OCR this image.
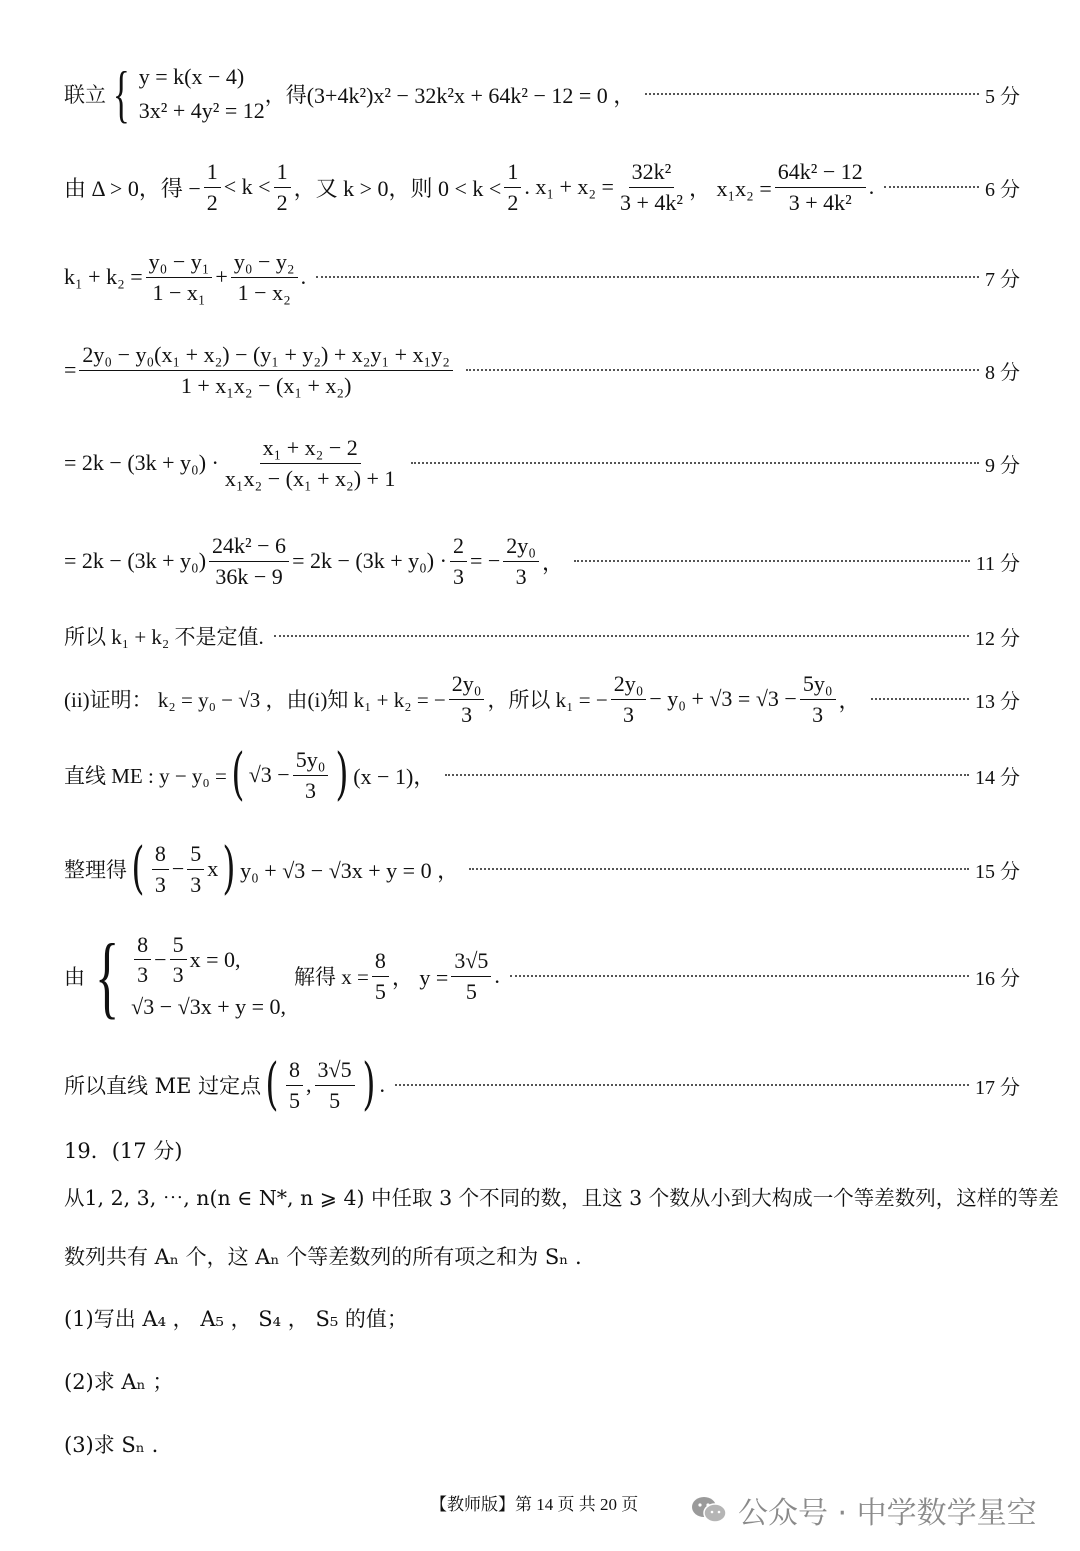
联立 { y = k(x − 4)
3x² + 4y² = 12
，得 (3+4k²)x² − 32k²x + 64k² − 12 = 0 ，	5 分
由 Δ > 0，得 − $\frac{1}{2} < k < \frac{1}{2}$ ，又 k > 0，则 $0 < k < \frac{1}{2}$ . $x_1 + x_2 = \frac{\text{32k²}}{\text{3 + 4k²}}$ ， $x_1x_2 = \frac{\text{64k² − 12}}{\text{3 + 4k²}}$ .	6 分
$k_1 + k_2 = \frac{\text{y₀ − y₁}}{\text{1 − x₁}} + \frac{\text{y₀ − y₂}}{\text{1 − x₂}}$ .	7 分
= $\frac{\text{2y₀ − y₀(x₁ + x₂) − (y₁ + y₂) + x₂y₁ + x₁y₂}}{\text{1 + x₁x₂ − (x₁ + x₂)}}$	8 分
= $2k - (3k + y_0) \cdot \frac{\text{x₁ + x₂ − 2}}{\text{x₁x₂ − (x₁ + x₂) + 1}}$	9 分
= $2k - (3k + y_0) \frac{\text{24k² − 6}}{36k - 9} = 2k - (3k + y_0) \cdot \frac{2}{3}$ = − $\frac{\text{2y₀}}{3}$ ，	11 分
所以 k₁ + k₂ 不是定值.	12 分
(ii)证明： k₂ = y₀ − √3 ，由(i)知 k₁ + k₂ = − $\frac{\text{2y₀}}{3}$ ，所以 k₁ = − $\frac{\text{2y₀}}{3} - y_0 + √3 = √3 - \frac{\text{5y₀}}{3}$ ，	13 分
直线 ME : y − y₀ = ( $√3 - \frac{\text{5y₀}}{3}$ ) (x − 1)，	14 分
整理得 ( $\frac{8}{3} - \frac{5}{3}$ x ) y₀ + √3 − √3x + y = 0 ，	15 分
由 { $\frac{8}{3} - \frac{5}{3}$ x = 0,
√3 − √3x + y = 0,
解得 $x = \frac{8}{5}$ ， $y = \frac{3√5}{5}$ .	16 分
所以直线 ME 过定点 ( $\frac{8}{5}$ , $\frac{3√5}{5}$ ) .	17 分
19．(17 分)
从1, 2, 3, ⋯, n(n ∈ N*, n ⩾ 4) 中任取 3 个不同的数，且这 3 个数从小到大构成一个等差数列，这样的等差
数列共有 Aₙ 个，这 Aₙ 个等差数列的所有项之和为 Sₙ .
(1)写出 A₄ ， A₅ ， S₄ ， S₅ 的值；
(2)求 Aₙ ；
(3)求 Sₙ .
【教师版】第 14 页 共 20 页	公众号 · 中学数学星空
